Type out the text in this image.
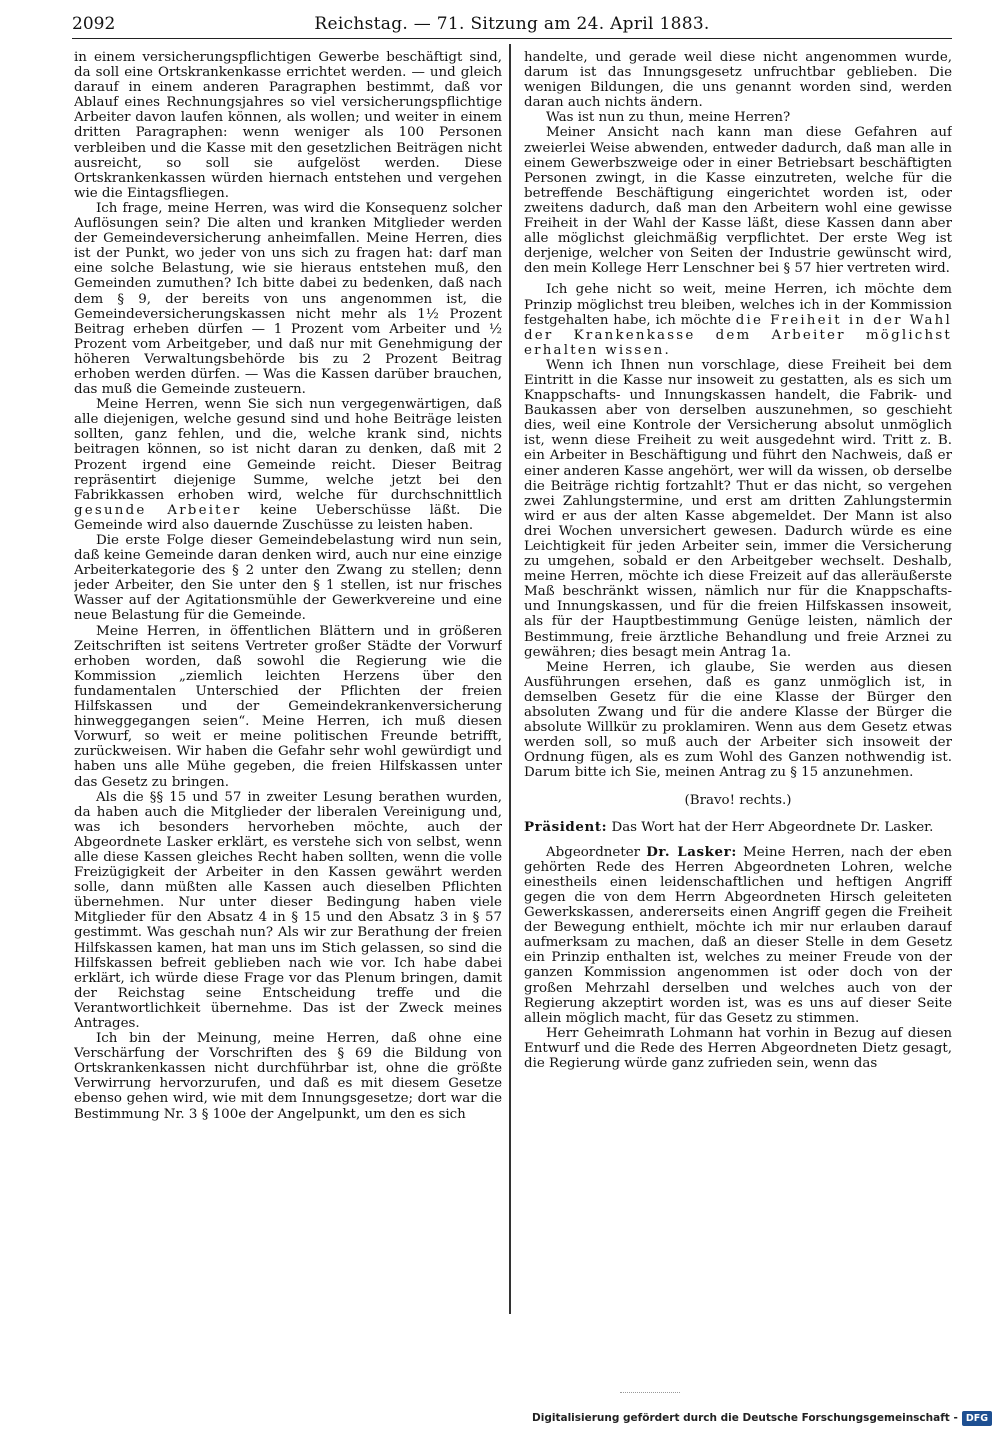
2092	Reichstag. — 71. Sitzung am 24. April 1883.

in einem versicherungspflichtigen Gewerbe beschäftigt sind, da soll eine Ortskrankenkasse errichtet werden. — und gleich darauf in einem anderen Paragraphen bestimmt, daß vor Ablauf eines Rechnungsjahres so viel versicherungspflichtige Arbeiter davon laufen können, als wollen; und weiter in einem dritten Paragraphen: wenn weniger als 100 Personen verbleiben und die Kasse mit den gesetzlichen Beiträgen nicht ausreicht, so soll sie aufgelöst werden. Diese Ortskrankenkassen würden hiernach entstehen und vergehen wie die Eintagsfliegen.

Ich frage, meine Herren, was wird die Konsequenz solcher Auflösungen sein? Die alten und kranken Mitglieder werden der Gemeindeversicherung anheimfallen. Meine Herren, dies ist der Punkt, wo jeder von uns sich zu fragen hat: darf man eine solche Belastung, wie sie hieraus entstehen muß, den Gemeinden zumuthen? Ich bitte dabei zu bedenken, daß nach dem § 9, der bereits von uns angenommen ist, die Gemeindeversicherungskassen nicht mehr als 1½ Prozent Beitrag erheben dürfen — 1 Prozent vom Arbeiter und ½ Prozent vom Arbeitgeber, und daß nur mit Genehmigung der höheren Verwaltungsbehörde bis zu 2 Prozent Beitrag erhoben werden dürfen. — Was die Kassen darüber brauchen, das muß die Gemeinde zusteuern.

Meine Herren, wenn Sie sich nun vergegenwärtigen, daß alle diejenigen, welche gesund sind und hohe Beiträge leisten sollten, ganz fehlen, und die, welche krank sind, nichts beitragen können, so ist nicht daran zu denken, daß mit 2 Prozent irgend eine Gemeinde reicht. Dieser Beitrag repräsentirt diejenige Summe, welche jetzt bei den Fabrikkassen erhoben wird, welche für durchschnittlich gesunde Arbeiter keine Ueberschüsse läßt. Die Gemeinde wird also dauernde Zuschüsse zu leisten haben.

Die erste Folge dieser Gemeindebelastung wird nun sein, daß keine Gemeinde daran denken wird, auch nur eine einzige Arbeiterkategorie des § 2 unter den Zwang zu stellen; denn jeder Arbeiter, den Sie unter den § 1 stellen, ist nur frisches Wasser auf der Agitationsmühle der Gewerkvereine und eine neue Belastung für die Gemeinde.

Meine Herren, in öffentlichen Blättern und in größeren Zeitschriften ist seitens Vertreter großer Städte der Vorwurf erhoben worden, daß sowohl die Regierung wie die Kommission „ziemlich leichten Herzens über den fundamentalen Unterschied der Pflichten der freien Hilfskassen und der Gemeindekrankenversicherung hinweggegangen seien“. Meine Herren, ich muß diesen Vorwurf, so weit er meine politischen Freunde betrifft, zurückweisen. Wir haben die Gefahr sehr wohl gewürdigt und haben uns alle Mühe gegeben, die freien Hilfskassen unter das Gesetz zu bringen.

Als die §§ 15 und 57 in zweiter Lesung berathen wurden, da haben auch die Mitglieder der liberalen Vereinigung und, was ich besonders hervorheben möchte, auch der Abgeordnete Lasker erklärt, es verstehe sich von selbst, wenn alle diese Kassen gleiches Recht haben sollten, wenn die volle Freizügigkeit der Arbeiter in den Kassen gewährt werden solle, dann müßten alle Kassen auch dieselben Pflichten übernehmen. Nur unter dieser Bedingung haben viele Mitglieder für den Absatz 4 in § 15 und den Absatz 3 in § 57 gestimmt. Was geschah nun? Als wir zur Berathung der freien Hilfskassen kamen, hat man uns im Stich gelassen, so sind die Hilfskassen befreit geblieben nach wie vor. Ich habe dabei erklärt, ich würde diese Frage vor das Plenum bringen, damit der Reichstag seine Entscheidung treffe und die Verantwortlichkeit übernehme. Das ist der Zweck meines Antrages.

Ich bin der Meinung, meine Herren, daß ohne eine Verschärfung der Vorschriften des § 69 die Bildung von Ortskrankenkassen nicht durchführbar ist, ohne die größte Verwirrung hervorzurufen, und daß es mit diesem Gesetze ebenso gehen wird, wie mit dem Innungsgesetze; dort war die Bestimmung Nr. 3 § 100e der Angelpunkt, um den es sich

handelte, und gerade weil diese nicht angenommen wurde, darum ist das Innungsgesetz unfruchtbar geblieben. Die wenigen Bildungen, die uns genannt worden sind, werden daran auch nichts ändern.

Was ist nun zu thun, meine Herren?

Meiner Ansicht nach kann man diese Gefahren auf zweierlei Weise abwenden, entweder dadurch, daß man alle in einem Gewerbszweige oder in einer Betriebsart beschäftigten Personen zwingt, in die Kasse einzutreten, welche für die betreffende Beschäftigung eingerichtet worden ist, oder zweitens dadurch, daß man den Arbeitern wohl eine gewisse Freiheit in der Wahl der Kasse läßt, diese Kassen dann aber alle möglichst gleichmäßig verpflichtet. Der erste Weg ist derjenige, welcher von Seiten der Industrie gewünscht wird, den mein Kollege Herr Lenschner bei § 57 hier vertreten wird.

Ich gehe nicht so weit, meine Herren, ich möchte dem Prinzip möglichst treu bleiben, welches ich in der Kommission festgehalten habe, ich möchte die Freiheit in der Wahl der Krankenkasse dem Arbeiter möglichst erhalten wissen.

Wenn ich Ihnen nun vorschlage, diese Freiheit bei dem Eintritt in die Kasse nur insoweit zu gestatten, als es sich um Knappschafts- und Innungskassen handelt, die Fabrik- und Baukassen aber von derselben auszunehmen, so geschieht dies, weil eine Kontrole der Versicherung absolut unmöglich ist, wenn diese Freiheit zu weit ausgedehnt wird. Tritt z. B. ein Arbeiter in Beschäftigung und führt den Nachweis, daß er einer anderen Kasse angehört, wer will da wissen, ob derselbe die Beiträge richtig fortzahlt? Thut er das nicht, so vergehen zwei Zahlungstermine, und erst am dritten Zahlungstermin wird er aus der alten Kasse abgemeldet. Der Mann ist also drei Wochen unversichert gewesen. Dadurch würde es eine Leichtigkeit für jeden Arbeiter sein, immer die Versicherung zu umgehen, sobald er den Arbeitgeber wechselt. Deshalb, meine Herren, möchte ich diese Freizeit auf das alleräußerste Maß beschränkt wissen, nämlich nur für die Knappschafts- und Innungskassen, und für die freien Hilfskassen insoweit, als für der Hauptbestimmung Genüge leisten, nämlich der Bestimmung, freie ärztliche Behandlung und freie Arznei zu gewähren; dies besagt mein Antrag 1a.

Meine Herren, ich glaube, Sie werden aus diesen Ausführungen ersehen, daß es ganz unmöglich ist, in demselben Gesetz für die eine Klasse der Bürger den absoluten Zwang und für die andere Klasse der Bürger die absolute Willkür zu proklamiren. Wenn aus dem Gesetz etwas werden soll, so muß auch der Arbeiter sich insoweit der Ordnung fügen, als es zum Wohl des Ganzen nothwendig ist. Darum bitte ich Sie, meinen Antrag zu § 15 anzunehmen.

(Bravo! rechts.)

Präsident: Das Wort hat der Herr Abgeordnete Dr. Lasker.

Abgeordneter Dr. Lasker: Meine Herren, nach der eben gehörten Rede des Herren Abgeordneten Lohren, welche einestheils einen leidenschaftlichen und heftigen Angriff gegen die von dem Herrn Abgeordneten Hirsch geleiteten Gewerkskassen, andererseits einen Angriff gegen die Freiheit der Bewegung enthielt, möchte ich mir nur erlauben darauf aufmerksam zu machen, daß an dieser Stelle in dem Gesetz ein Prinzip enthalten ist, welches zu meiner Freude von der ganzen Kommission angenommen ist oder doch von der großen Mehrzahl derselben und welches auch von der Regierung akzeptirt worden ist, was es uns auf dieser Seite allein möglich macht, für das Gesetz zu stimmen.

Herr Geheimrath Lohmann hat vorhin in Bezug auf diesen Entwurf und die Rede des Herren Abgeordneten Dietz gesagt, die Regierung würde ganz zufrieden sein, wenn das

Digitalisierung gefördert durch die Deutsche Forschungsgemeinschaft - DFG
